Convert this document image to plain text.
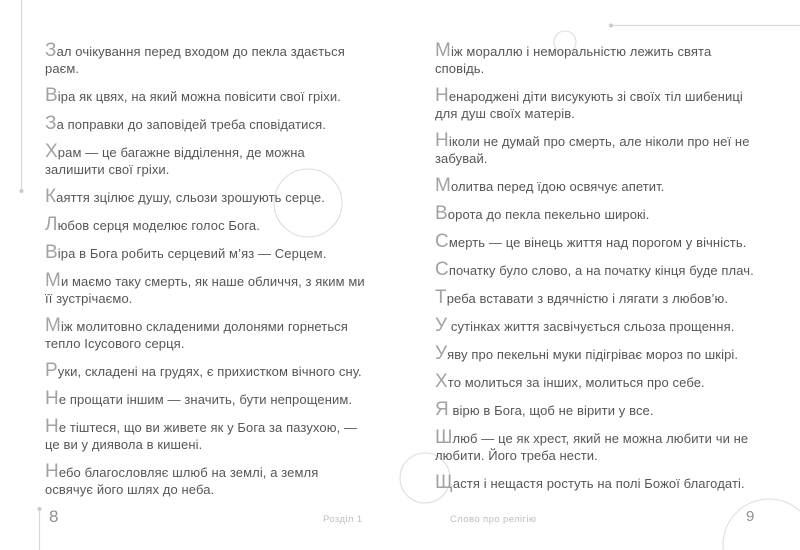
Зал очікування перед входом до пекла здається раєм.

Віра як цвях, на який можна повісити свої гріхи.

За поправки до заповідей треба сповідатися.

Храм — це багажне відділення, де можна залишити свої гріхи.

Каяття зцілює душу, сльози зрошують серце.

Любов серця моделює голос Бога.

Віра в Бога робить серцевий м’яз — Серцем.

Ми маємо таку смерть, як наше обличчя, з яким ми її зустрічаємо.

Між молитовно складеними долонями горнеться тепло Ісусового серця.

Руки, складені на грудях, є прихистком вічного сну.

Не прощати іншим — значить, бути непрощеним.

Не тіштеся, що ви живете як у Бога за пазухою, — це ви у диявола в кишені.

Небо благословляє шлюб на землі, а земля освячує його шлях до неба.

Між мораллю і неморальністю лежить свята сповідь.

Ненароджені діти висукують зі своїх тіл шибениці для душ своїх матерів.

Ніколи не думай про смерть, але ніколи про неї не забувай.

Молитва перед їдою освячує апетит.

Ворота до пекла пекельно широкі.

Смерть — це вінець життя над порогом у вічність.

Спочатку було слово, а на початку кінця буде плач.

Треба вставати з вдячністю і лягати з любов’ю.

У сутінках життя засвічується сльоза прощення.

Уяву про пекельні муки підігріває мороз по шкірі.

Хто молиться за інших, молиться про себе.

Я вірю в Бога, щоб не вірити у все.

Шлюб — це як хрест, який не можна любити чи не любити. Його треба нести.

Щастя і нещастя ростуть на полі Божої благодаті.

8	Розділ 1	Слово про релігію	9
